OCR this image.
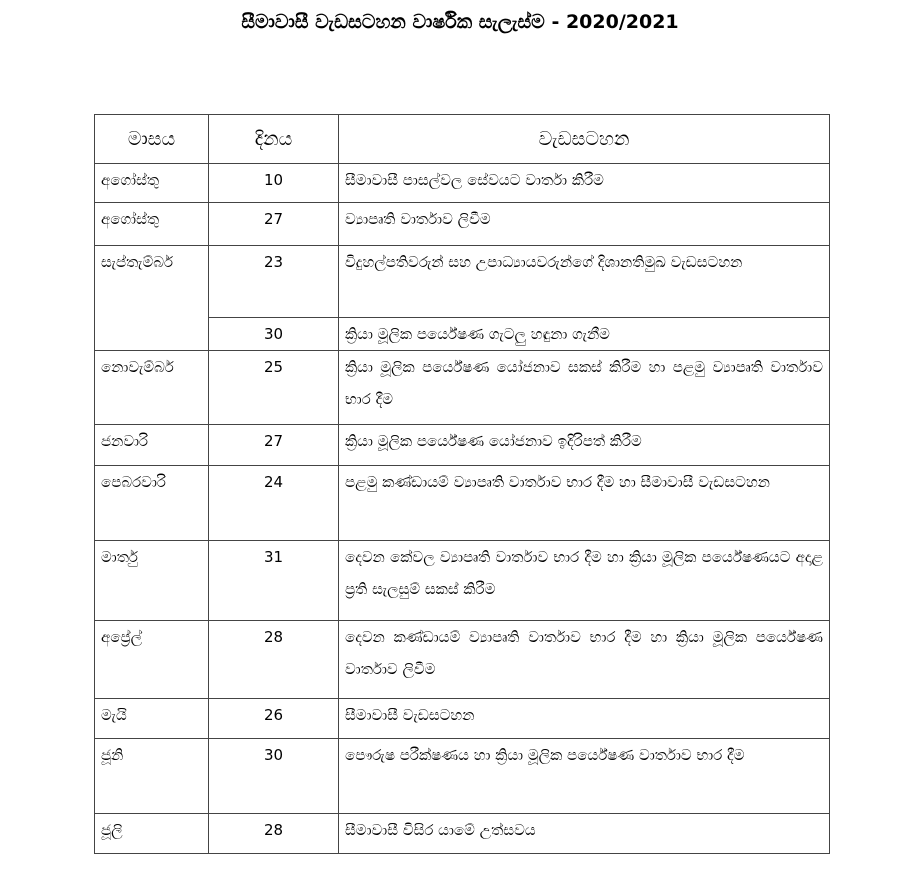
සීමාවාසී වැඩසටහන වාර්ෂික සැලැස්ම - 2020/2021
මාසය	දිනය	වැඩසටහන
අගෝස්තු	10	සීමාවාසී පාසල්වල සේවයට වාර්තා කිරීම
අගෝස්තු	27	ව්‍යාපෘති වාර්තාව ලිවීම
සැප්තැම්බර්	23	විදුහල්පතිවරුන් සහ උපාධ්‍යායවරුන්ගේ දිශානතිමුඛ වැඩසටහන
	30	ක්‍රියා මූලික පර්යේෂණ ගැටලු හඳුනා ගැනීම
නොවැම්බර්	25	ක්‍රියා මූලික පර්යේෂණ යෝජනාව සකස් කිරීම හා පළමු ව්‍යාපෘති වාර්තාව භාර දීම
ජනවාරි	27	ක්‍රියා මූලික පර්යේෂණ යෝජනාව ඉදිරිපත් කිරීම
පෙබරවාරි	24	පළමු කණ්ඩායම් ව්‍යාපෘති වාර්තාව භාර දීම හා සීමාවාසී වැඩසටහන
මාර්තු	31	දෙවන කේවල ව්‍යාපෘති වාර්තාව භාර දීම හා ක්‍රියා මූලික පර්යේෂණයට අදාළ ප්‍රති සැලසුම් සකස් කිරීම
අප්‍රේල්	28	දෙවන කණ්ඩායම් ව්‍යාපෘති වාර්තාව භාර දීම හා ක්‍රියා මූලික පර්යේෂණ වාර්තාව ලිවීම
මැයි	26	සීමාවාසී වැඩසටහන
ජූනි	30	පෞරුෂ පරීක්ෂණය හා ක්‍රියා මූලික පර්යේෂණ වාර්තාව භාර දීම
ජූලි	28	සීමාවාසී විසිර යාමේ උත්සවය
